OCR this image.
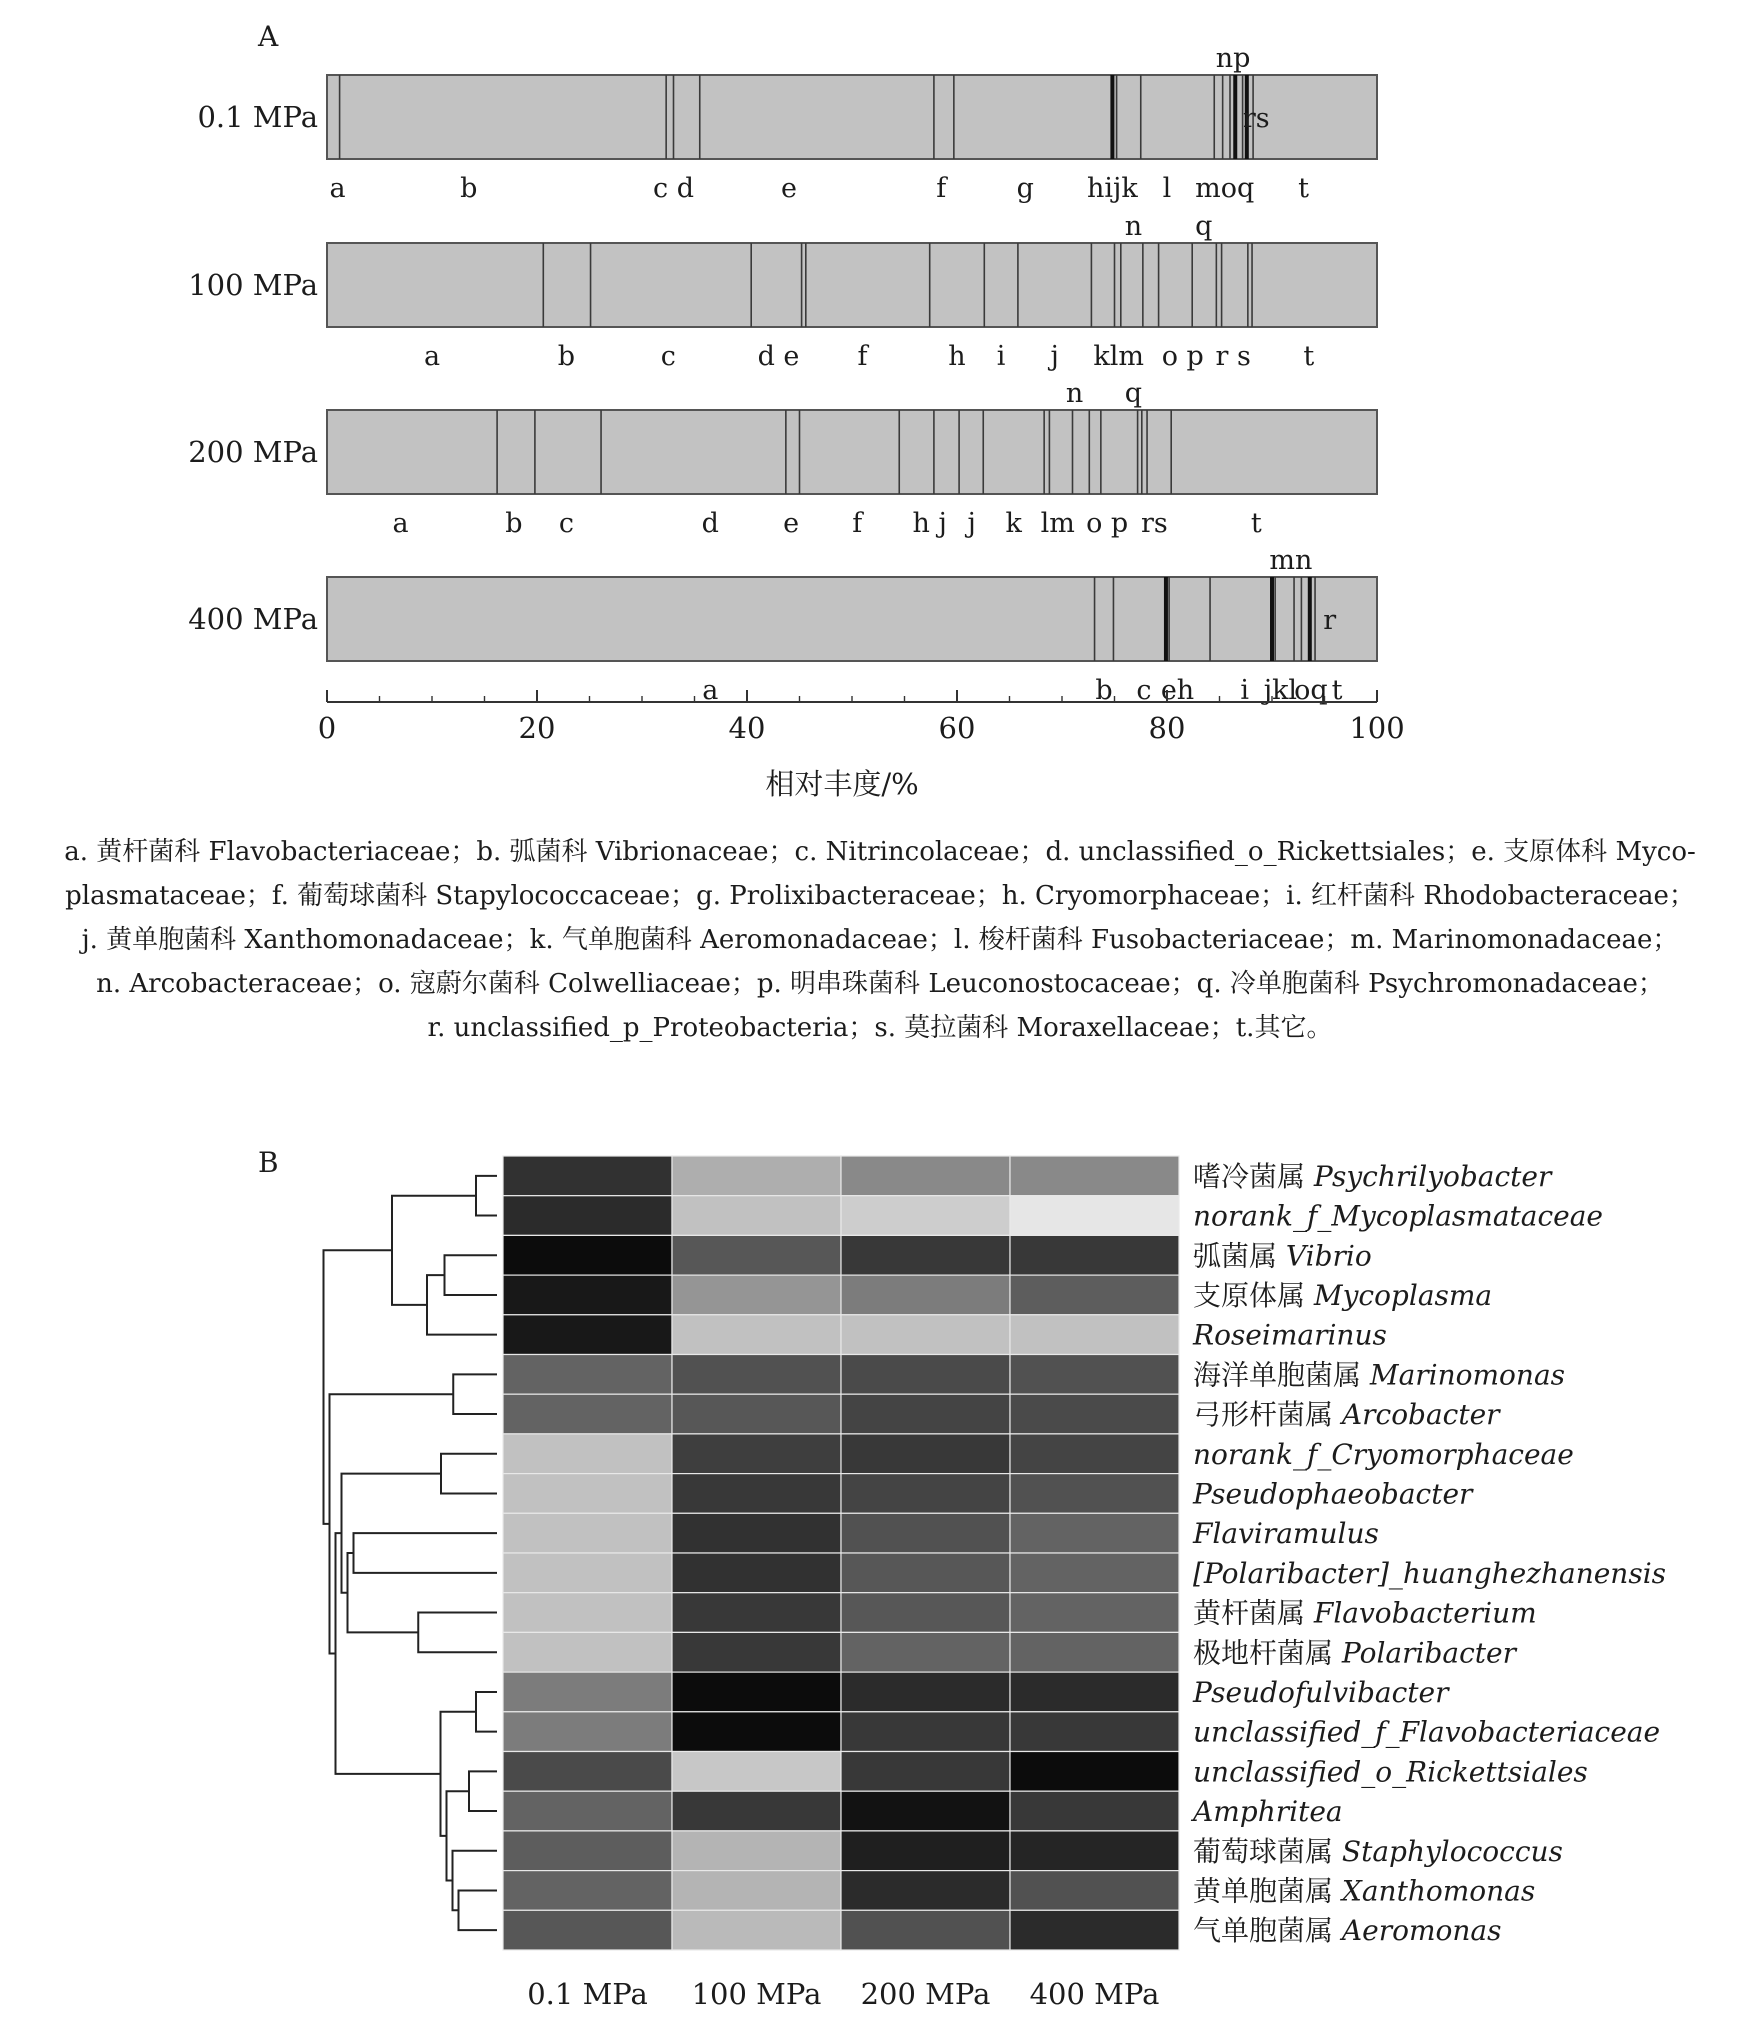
A
0.1 MPa
a	b	c d	e	f	g hijk l moq t
np
rs
100 MPa
a	b	c	d e f	h i j klm o p r s t
n q
200 MPa
a	b c	d e f h j j k lm o p rs	t
n q
400 MPa
a	b c eh i jkl
oq t
mn
r
0	20	40	60	80	100
相对丰度/%
B	嗜冷菌属 Psychrilyobacter
norank_f_Mycoplasmataceae
弧菌属 Vibrio
支原体属 Mycoplasma
Roseimarinus
海洋单胞菌属 Marinomonas
弓形杆菌属 Arcobacter
norank_f_Cryomorphaceae
Pseudophaeobacter
Flaviramulus
[Polaribacter]_huanghezhanensis
黄杆菌属 Flavobacterium
极地杆菌属 Polaribacter
Pseudofulvibacter
unclassified_f_Flavobacteriaceae
unclassified_o_Rickettsiales
Amphritea
葡萄球菌属 Staphylococcus
黄单胞菌属 Xanthomonas
气单胞菌属 Aeromonas
0.1 MPa 100 MPa 200 MPa 400 MPa
a. 黄杆菌科 Flavobacteriaceae；b. 弧菌科 Vibrionaceae；c. Nitrincolaceae；d. unclassified_o_Rickettsiales；e. 支原体科 Myco-
plasmataceae；f. 葡萄球菌科 Stapylococcaceae；g. Prolixibacteraceae；h. Cryomorphaceae；i. 红杆菌科 Rhodobacteraceae；
j. 黄单胞菌科 Xanthomonadaceae；k. 气单胞菌科 Aeromonadaceae；l. 梭杆菌科 Fusobacteriaceae；m. Marinomonadaceae；
n. Arcobacteraceae；o. 寇蔚尔菌科 Colwelliaceae；p. 明串珠菌科 Leuconostocaceae；q. 冷单胞菌科 Psychromonadaceae；
r. unclassified_p_Proteobacteria；s. 莫拉菌科 Moraxellaceae；t.其它。
